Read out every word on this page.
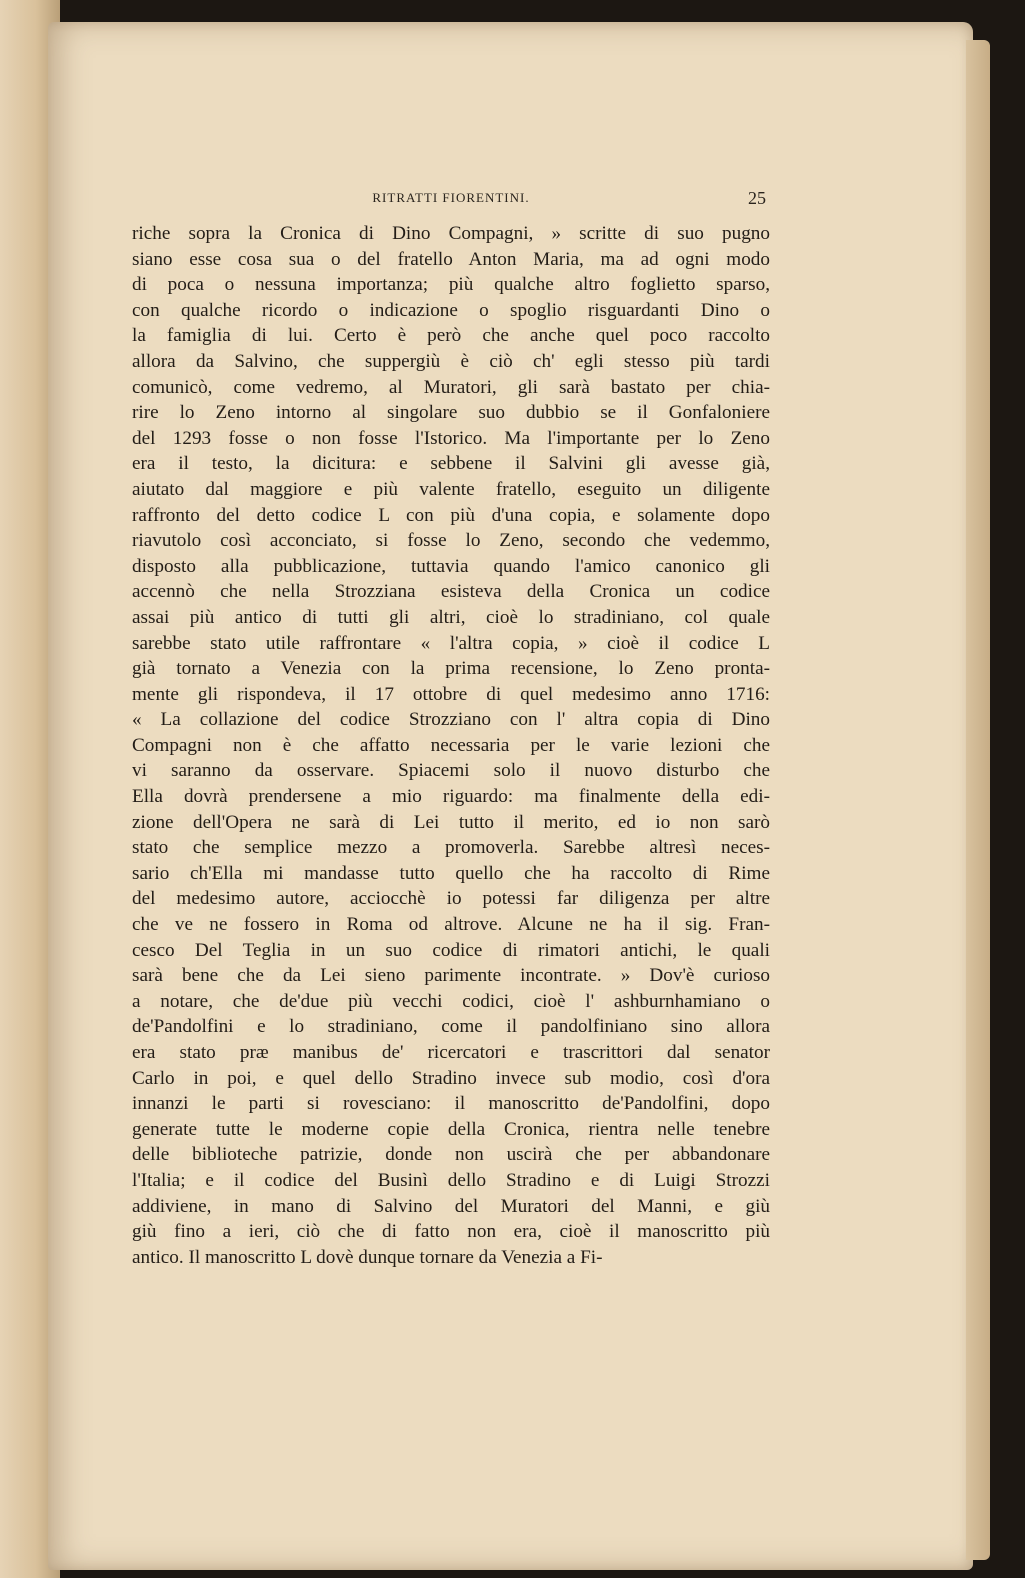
RITRATTI FIORENTINI.	25
riche sopra la Cronica di Dino Compagni, » scritte di suo pugno
siano esse cosa sua o del fratello Anton Maria, ma ad ogni modo
di poca o nessuna importanza; più qualche altro foglietto sparso,
con qualche ricordo o indicazione o spoglio risguardanti Dino o
la famiglia di lui. Certo è però che anche quel poco raccolto
allora da Salvino, che suppergiù è ciò ch' egli stesso più tardi
comunicò, come vedremo, al Muratori, gli sarà bastato per chia-
rire lo Zeno intorno al singolare suo dubbio se il Gonfaloniere
del 1293 fosse o non fosse l'Istorico. Ma l'importante per lo Zeno
era il testo, la dicitura: e sebbene il Salvini gli avesse già,
aiutato dal maggiore e più valente fratello, eseguito un diligente
raffronto del detto codice L con più d'una copia, e solamente dopo
riavutolo così acconciato, si fosse lo Zeno, secondo che vedemmo,
disposto alla pubblicazione, tuttavia quando l'amico canonico gli
accennò che nella Strozziana esisteva della Cronica un codice
assai più antico di tutti gli altri, cioè lo stradiniano, col quale
sarebbe stato utile raffrontare « l'altra copia, » cioè il codice L
già tornato a Venezia con la prima recensione, lo Zeno pronta-
mente gli rispondeva, il 17 ottobre di quel medesimo anno 1716:
« La collazione del codice Strozziano con l' altra copia di Dino
Compagni non è che affatto necessaria per le varie lezioni che
vi saranno da osservare. Spiacemi solo il nuovo disturbo che
Ella dovrà prendersene a mio riguardo: ma finalmente della edi-
zione dell'Opera ne sarà di Lei tutto il merito, ed io non sarò
stato che semplice mezzo a promoverla. Sarebbe altresì neces-
sario ch'Ella mi mandasse tutto quello che ha raccolto di Rime
del medesimo autore, acciocchè io potessi far diligenza per altre
che ve ne fossero in Roma od altrove. Alcune ne ha il sig. Fran-
cesco Del Teglia in un suo codice di rimatori antichi, le quali
sarà bene che da Lei sieno parimente incontrate. » Dov'è curioso
a notare, che de'due più vecchi codici, cioè l' ashburnhamiano o
de'Pandolfini e lo stradiniano, come il pandolfiniano sino allora
era stato præ manibus de' ricercatori e trascrittori dal senator
Carlo in poi, e quel dello Stradino invece sub modio, così d'ora
innanzi le parti si rovesciano: il manoscritto de'Pandolfini, dopo
generate tutte le moderne copie della Cronica, rientra nelle tenebre
delle biblioteche patrizie, donde non uscirà che per abbandonare
l'Italia; e il codice del Businì dello Stradino e di Luigi Strozzi
addiviene, in mano di Salvino del Muratori del Manni, e giù
giù fino a ieri, ciò che di fatto non era, cioè il manoscritto più
antico. Il manoscritto L dovè dunque tornare da Venezia a Fi-
